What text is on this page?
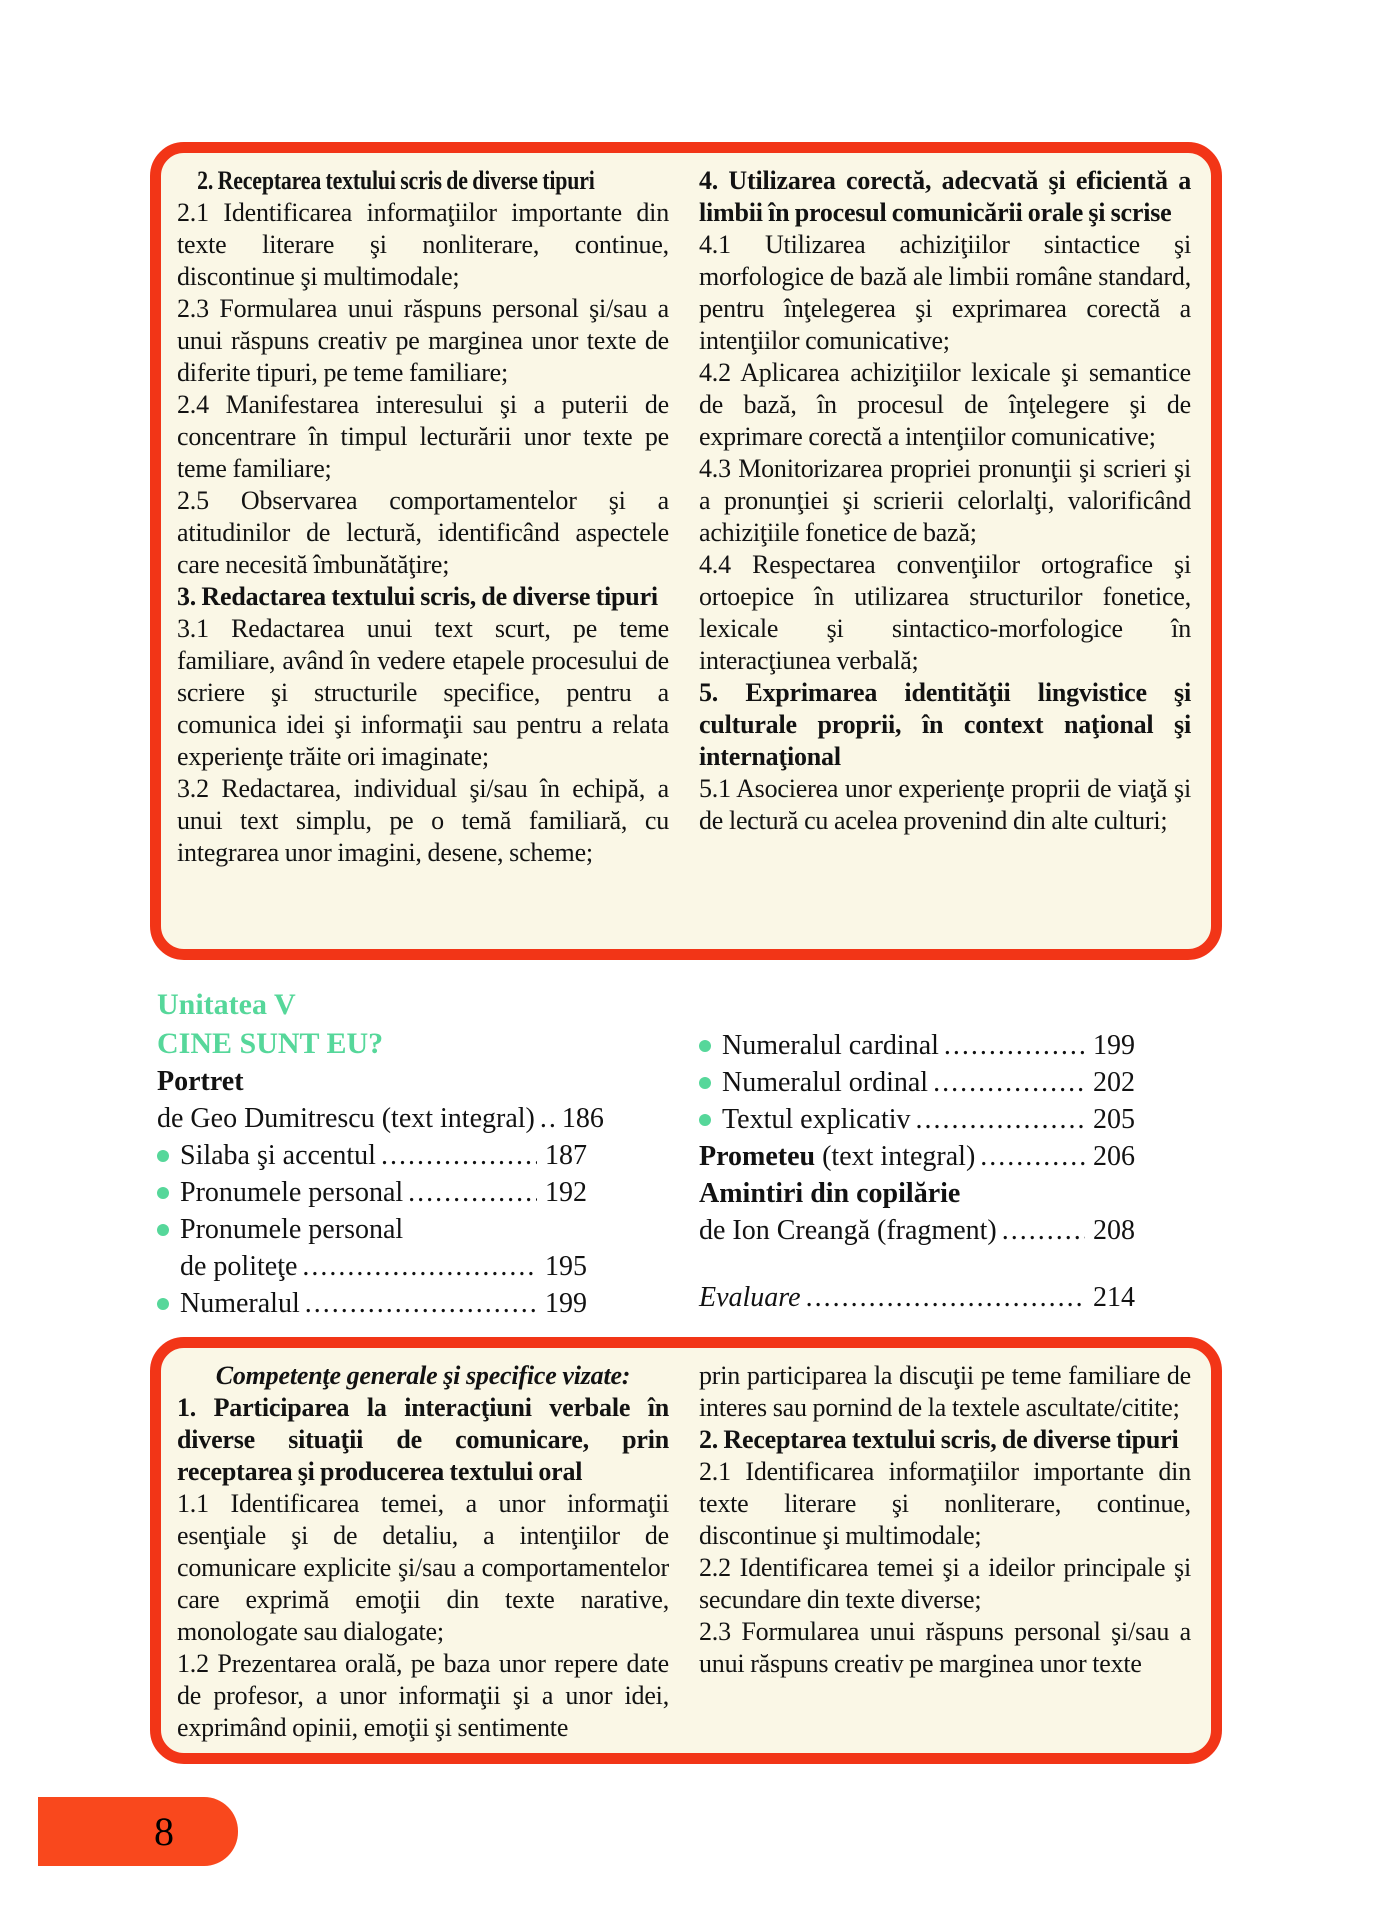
2. Receptarea textului scris de diverse tipuri
2.1 Identificarea informaţiilor importante din texte literare şi nonliterare, continue, discontinue şi multimodale;
2.3 Formularea unui răspuns personal şi/sau a unui răspuns creativ pe marginea unor texte de diferite tipuri, pe teme familiare;
2.4 Manifestarea interesului şi a puterii de concentrare în timpul lecturării unor texte pe teme familiare;
2.5 Observarea comportamentelor şi a atitudinilor de lectură, identificând aspectele care necesită îmbunătăţire;
3. Redactarea textului scris, de diverse tipuri
3.1 Redactarea unui text scurt, pe teme familiare, având în vedere etapele procesului de scriere şi structurile specifice, pentru a comunica idei şi informaţii sau pentru a relata experienţe trăite ori imaginate;
3.2 Redactarea, individual şi/sau în echipă, a unui text simplu, pe o temă familiară, cu integrarea unor imagini, desene, scheme;
4. Utilizarea corectă, adecvată şi eficientă a limbii în procesul comunicării orale şi scrise
4.1 Utilizarea achiziţiilor sintactice şi morfologice de bază ale limbii române standard, pentru înţelegerea şi exprimarea corectă a intenţiilor comunicative;
4.2 Aplicarea achiziţiilor lexicale şi semantice de bază, în procesul de înţelegere şi de exprimare corectă a intenţiilor comunicative;
4.3 Monitorizarea propriei pronunţii şi scrieri şi a pronunţiei şi scrierii celorlalţi, valorificând achiziţiile fonetice de bază;
4.4 Respectarea convenţiilor ortografice şi ortoepice în utilizarea structurilor fonetice, lexicale şi sintactico-morfologice în interacţiunea verbală;
5. Exprimarea identităţii lingvistice şi culturale proprii, în context naţional şi internaţional
5.1 Asocierea unor experienţe proprii de viaţă şi de lectură cu acelea provenind din alte culturi;
Unitatea V
CINE SUNT EU?
Portret
de Geo Dumitrescu (text integral) ..... 186
Silaba şi accentul .....	187
Pronumele personal .....	192
Pronumele personal
de politeţe .....	195
Numeralul .....	199
Numeralul cardinal .....	199
Numeralul ordinal .....	202
Textul explicativ .....	205
Prometeu (text integral) .....	206
Amintiri din copilărie
de Ion Creangă (fragment) .....	208
Evaluare .....	214
Competenţe generale şi specifice vizate:
1. Participarea la interacţiuni verbale în diverse situaţii de comunicare, prin receptarea şi producerea textului oral
1.1 Identificarea temei, a unor informaţii esenţiale şi de detaliu, a intenţiilor de comunicare explicite şi/sau a comportamentelor care exprimă emoţii din texte narative, monologate sau dialogate;
1.2 Prezentarea orală, pe baza unor repere date de profesor, a unor informaţii şi a unor idei, exprimând opinii, emoţii şi sentimente
prin participarea la discuţii pe teme familiare de interes sau pornind de la textele ascultate/citite;
2. Receptarea textului scris, de diverse tipuri
2.1 Identificarea informaţiilor importante din texte literare şi nonliterare, continue, discontinue şi multimodale;
2.2 Identificarea temei şi a ideilor principale şi secundare din texte diverse;
2.3 Formularea unui răspuns personal şi/sau a unui răspuns creativ pe marginea unor texte
8
